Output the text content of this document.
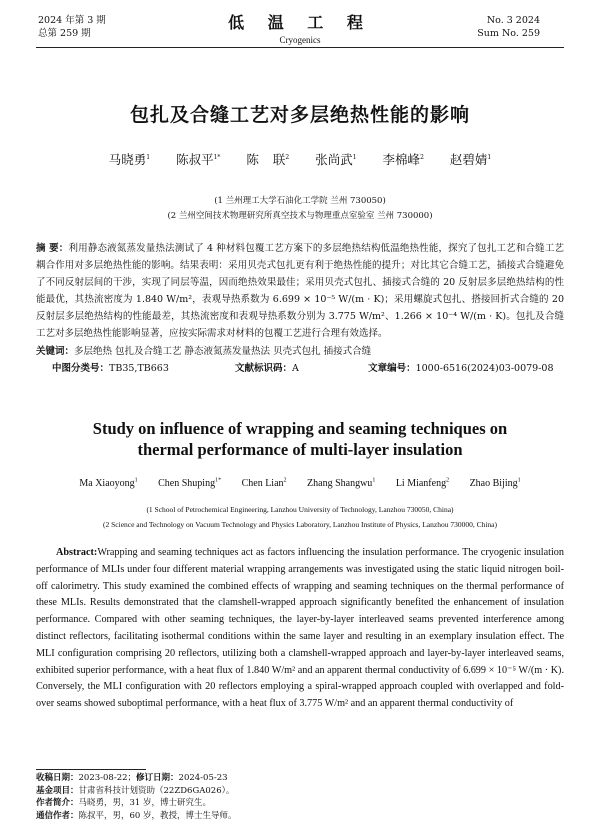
2024 年第 3 期
总第 259 期
低 温 工 程
Cryogenics
No. 3 2024
Sum No. 259
包扎及合缝工艺对多层绝热性能的影响
马晓勇$^1$ 陈叔平$^{1*}$ 陈 联$^2$ 张尚武$^1$ 李棉峰$^2$ 赵碧婧$^1$
(1 兰州理工大学石油化工学院 兰州 730050)
(2 兰州空间技术物理研究所真空技术与物理重点室验室 兰州 730000)
摘 要：利用静态液氮蒸发量热法测试了 4 种材料包覆工艺方案下的多层绝热结构低温绝热性能，探究了包扎工艺和合缝工艺耦合作用对多层绝热性能的影响。结果表明：采用贝壳式包扎更有利于绝热性能的提升；对比其它合缝工艺，插接式合缝避免了不同反射层间的干涉，实现了同层等温，因而绝热效果最佳；采用贝壳式包扎、插接式合缝的 20 反射层多层绝热结构的性能最优，其热流密度为 1.840 W/m²，表观导热系数为 6.699 × 10⁻⁵ W/(m · K)；采用螺旋式包扎、搭接回折式合缝的 20 反射层多层绝热结构的性能最差，其热流密度和表观导热系数分别为 3.775 W/m²、1.266 × 10⁻⁴ W/(m · K)。包扎及合缝工艺对多层绝热性能影响显著，应按实际需求对材料的包覆工艺进行合理有效选择。
关键词：多层绝热 包扎及合缝工艺 静态液氮蒸发量热法 贝壳式包扎 插接式合缝
中图分类号：TB35,TB663	文献标识码：A	文章编号：1000-6516(2024)03-0079-08
Study on influence of wrapping and seaming techniques on
thermal performance of multi-layer insulation
Ma Xiaoyong$^1$ Chen Shuping$^{1*}$ Chen Lian$^2$ Zhang Shangwu$^1$ Li Mianfeng$^2$ Zhao Bijing$^1$
(1 School of Petrochemical Engineering, Lanzhou University of Technology, Lanzhou 730050, China)
(2 Science and Technology on Vacuum Technology and Physics Laboratory, Lanzhou Institute of Physics, Lanzhou 730000, China)
Abstract:Wrapping and seaming techniques act as factors influencing the insulation performance. The cryogenic insulation performance of MLIs under four different material wrapping arrangements was investigated using the static liquid nitrogen boil-off calorimetry. This study examined the combined effects of wrapping and seaming techniques on the thermal performance of these MLIs. Results demonstrated that the clamshell-wrapped approach significantly benefited the enhancement of insulation performance. Compared with other seaming techniques, the layer-by-layer interleaved seams prevented interference among distinct reflectors, facilitating isothermal conditions within the same layer and resulting in an exemplary insulation effect. The MLI configuration comprising 20 reflectors, utilizing both a clamshell-wrapped approach and layer-by-layer interleaved seams, exhibited superior performance, with a heat flux of 1.840 W/m² and an apparent thermal conductivity of 6.699 × 10⁻⁵ W/(m · K). Conversely, the MLI configuration with 20 reflectors employing a spiral-wrapped approach coupled with overlapped and fold-over seams showed suboptimal performance, with a heat flux of 3.775 W/m² and an apparent thermal conductivity of
收稿日期：2023-08-22；修订日期：2024-05-23
基金项目：甘肃省科技计划资助（22ZD6GA026）。
作者简介：马晓勇，男，31 岁，博士研究生。
通信作者：陈叔平，男，60 岁，教授，博士生导师。
